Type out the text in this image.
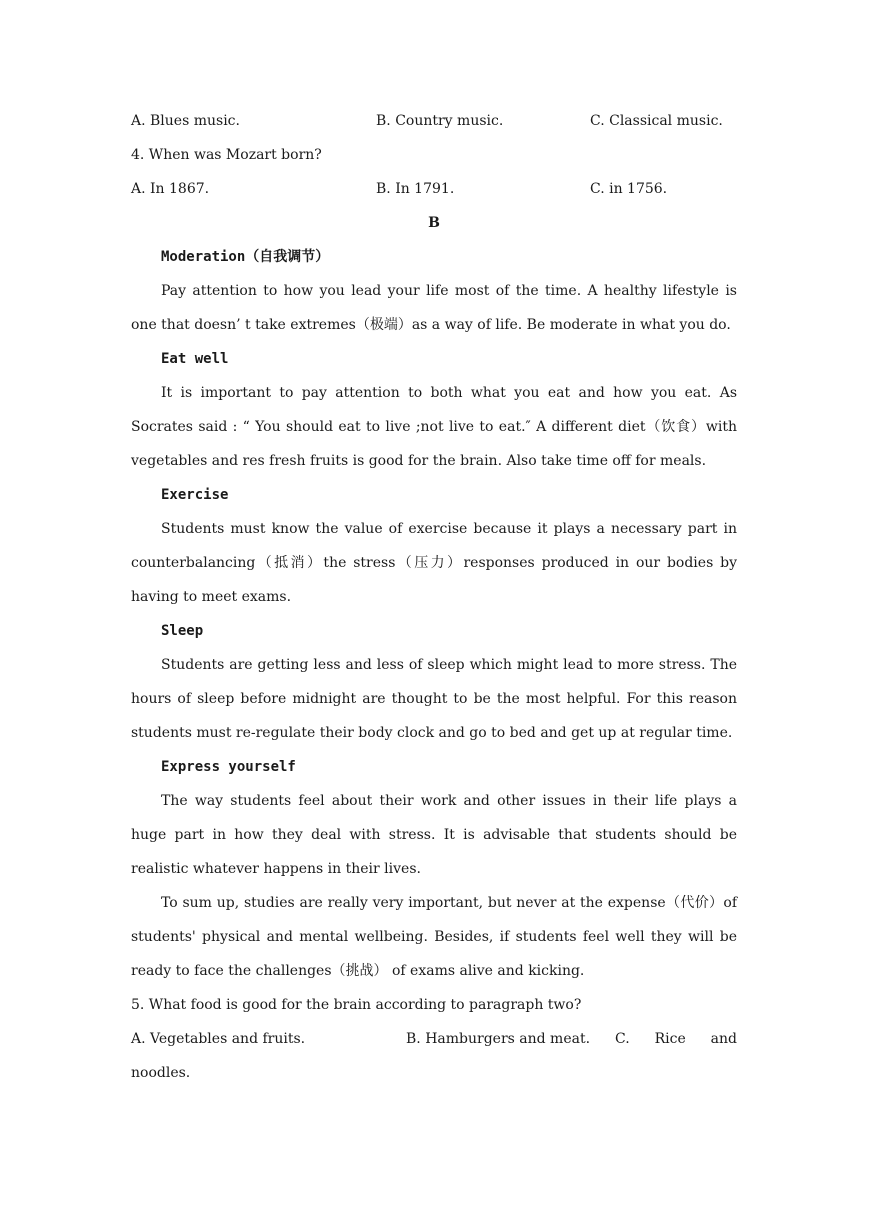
A. Blues music.	B. Country music.	C. Classical music.
4. When was Mozart born?
A. In 1867.	B. In 1791.	C. in 1756.
B
Moderation（自我调节）

Pay attention to how you lead your life most of the time. A healthy lifestyle is one that doesn’ t take extremes（极端）as a way of life. Be moderate in what you do.

Eat well

It is important to pay attention to both what you eat and how you eat. As Socrates said : “ You should eat to live ;not live to eat.″ A different diet（饮食）with vegetables and res fresh fruits is good for the brain. Also take time off for meals.

Exercise

Students must know the value of exercise because it plays a necessary part in counterbalancing（抵消）the stress（压力）responses produced in our bodies by having to meet exams.

Sleep

Students are getting less and less of sleep which might lead to more stress. The hours of sleep before midnight are thought to be the most helpful. For this reason students must re-regulate their body clock and go to bed and get up at regular time.

Express yourself

The way students feel about their work and other issues in their life plays a huge part in how they deal with stress. It is advisable that students should be realistic whatever happens in their lives.

To sum up, studies are really very important, but never at the expense（代价）of students' physical and mental wellbeing. Besides, if students feel well they will be ready to face the challenges（挑战） of exams alive and kicking.

5. What food is good for the brain according to paragraph two?
A. Vegetables and fruits.	B. Hamburgers and meat. C. Rice and
noodles.
